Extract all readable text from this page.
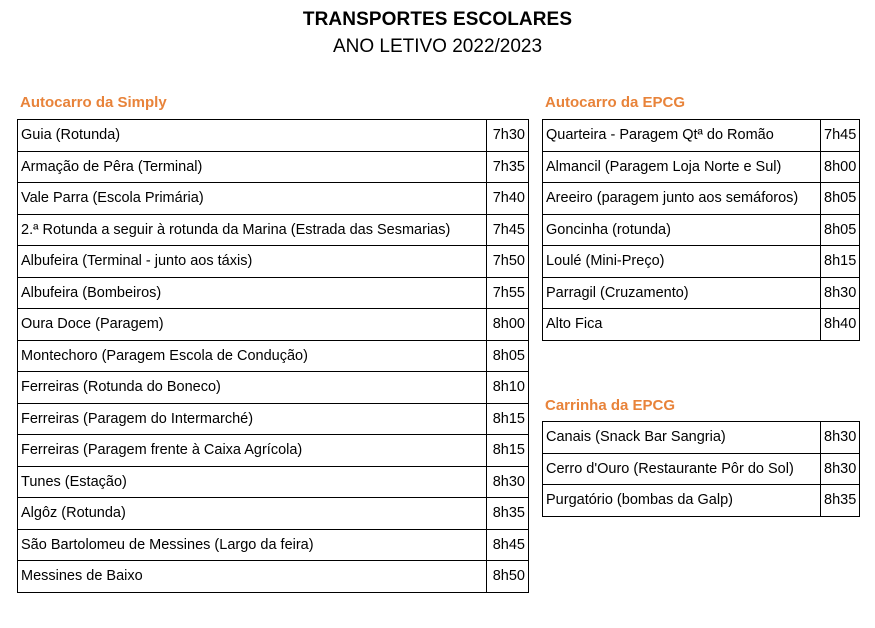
TRANSPORTES ESCOLARES
ANO LETIVO 2022/2023
Autocarro da Simply
Guia (Rotunda)	7h30
Armação de Pêra (Terminal)	7h35
Vale Parra (Escola Primária)	7h40
2.ª Rotunda a seguir à rotunda da Marina (Estrada das Sesmarias)	7h45
Albufeira (Terminal - junto aos táxis)	7h50
Albufeira (Bombeiros)	7h55
Oura Doce (Paragem)	8h00
Montechoro (Paragem Escola de Condução)	8h05
Ferreiras (Rotunda do Boneco)	8h10
Ferreiras (Paragem do Intermarché)	8h15
Ferreiras (Paragem frente à Caixa Agrícola)	8h15
Tunes (Estação)	8h30
Algôz (Rotunda)	8h35
São Bartolomeu de Messines (Largo da feira)	8h45
Messines de Baixo	8h50
Autocarro da EPCG
Quarteira - Paragem Qtª do Romão	7h45
Almancil (Paragem Loja Norte e Sul)	8h00
Areeiro (paragem junto aos semáforos)	8h05
Goncinha (rotunda)	8h05
Loulé (Mini-Preço)	8h15
Parragil (Cruzamento)	8h30
Alto Fica	8h40
Carrinha da EPCG
Canais (Snack Bar Sangria)	8h30
Cerro d'Ouro (Restaurante Pôr do Sol)	8h30
Purgatório (bombas da Galp)	8h35
